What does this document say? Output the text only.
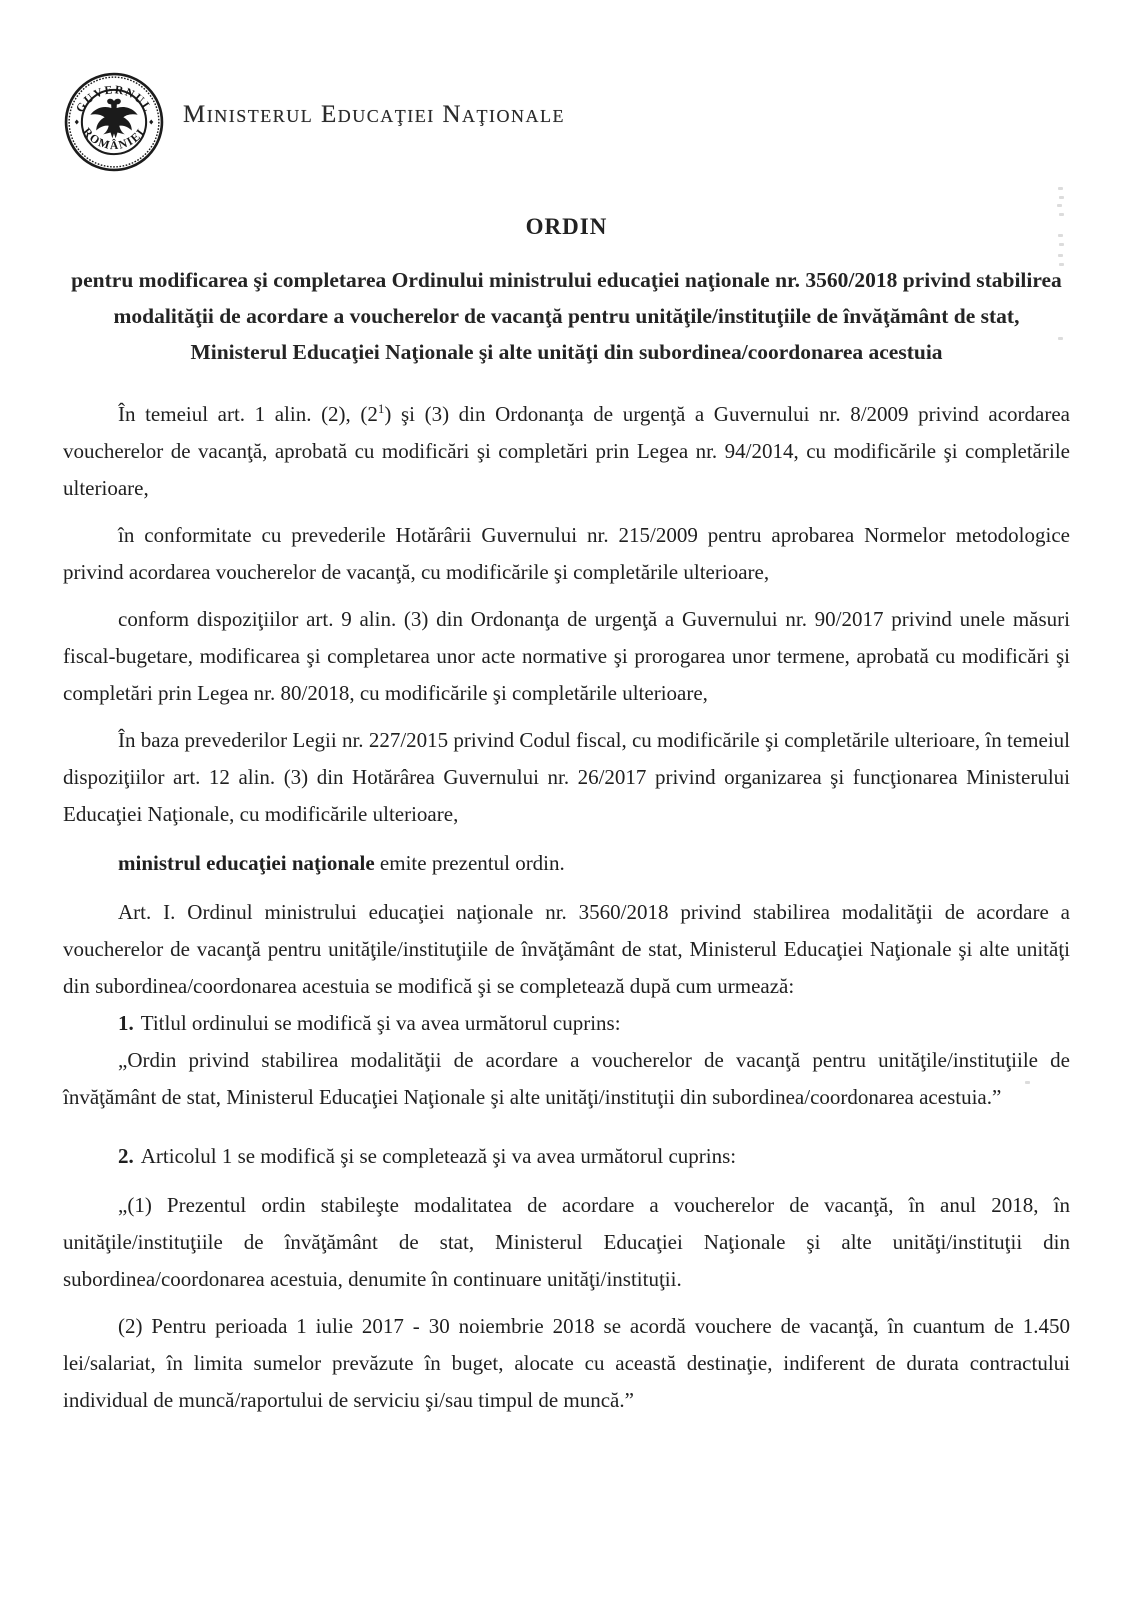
GUVERNUL
ROMÂNIEI
Ministerul Educaţiei Naţionale
ORDIN
pentru modificarea şi completarea Ordinului ministrului educaţiei naţionale nr. 3560/2018 privind stabilirea modalităţii de acordare a voucherelor de vacanţă pentru unităţile/instituţiile de învăţământ de stat, Ministerul Educaţiei Naţionale şi alte unităţi din subordinea/coordonarea acestuia

În temeiul art. 1 alin. (2), (2$^1$) şi (3) din Ordonanţa de urgenţă a Guvernului nr. 8/2009 privind acordarea voucherelor de vacanţă, aprobată cu modificări şi completări prin Legea nr. 94/2014, cu modificările şi completările ulterioare,

în conformitate cu prevederile Hotărârii Guvernului nr. 215/2009 pentru aprobarea Normelor metodologice privind acordarea voucherelor de vacanţă, cu modificările şi completările ulterioare,

conform dispoziţiilor art. 9 alin. (3) din Ordonanţa de urgenţă a Guvernului nr. 90/2017 privind unele măsuri fiscal-bugetare, modificarea şi completarea unor acte normative şi prorogarea unor termene, aprobată cu modificări şi completări prin Legea nr. 80/2018, cu modificările şi completările ulterioare,

În baza prevederilor Legii nr. 227/2015 privind Codul fiscal, cu modificările şi completările ulterioare, în temeiul dispoziţiilor art. 12 alin. (3) din Hotărârea Guvernului nr. 26/2017 privind organizarea şi funcţionarea Ministerului Educaţiei Naţionale, cu modificările ulterioare,

ministrul educaţiei naţionale emite prezentul ordin.

Art. I. Ordinul ministrului educaţiei naţionale nr. 3560/2018 privind stabilirea modalităţii de acordare a voucherelor de vacanţă pentru unităţile/instituţiile de învăţământ de stat, Ministerul Educaţiei Naţionale şi alte unităţi din subordinea/coordonarea acestuia se modifică şi se completează după cum urmează:

1. Titlul ordinului se modifică şi va avea următorul cuprins:

„Ordin privind stabilirea modalităţii de acordare a voucherelor de vacanţă pentru unităţile/instituţiile de învăţământ de stat, Ministerul Educaţiei Naţionale şi alte unităţi/instituţii din subordinea/coordonarea acestuia.”

2. Articolul 1 se modifică şi se completează şi va avea următorul cuprins:

„(1) Prezentul ordin stabileşte modalitatea de acordare a voucherelor de vacanţă, în anul 2018, în unităţile/instituţiile de învăţământ de stat, Ministerul Educaţiei Naţionale şi alte unităţi/instituţii din subordinea/coordonarea acestuia, denumite în continuare unităţi/instituţii.

(2) Pentru perioada 1 iulie 2017 - 30 noiembrie 2018 se acordă vouchere de vacanţă, în cuantum de 1.450 lei/salariat, în limita sumelor prevăzute în buget, alocate cu această destinaţie, indiferent de durata contractului individual de muncă/raportului de serviciu şi/sau timpul de muncă.”
